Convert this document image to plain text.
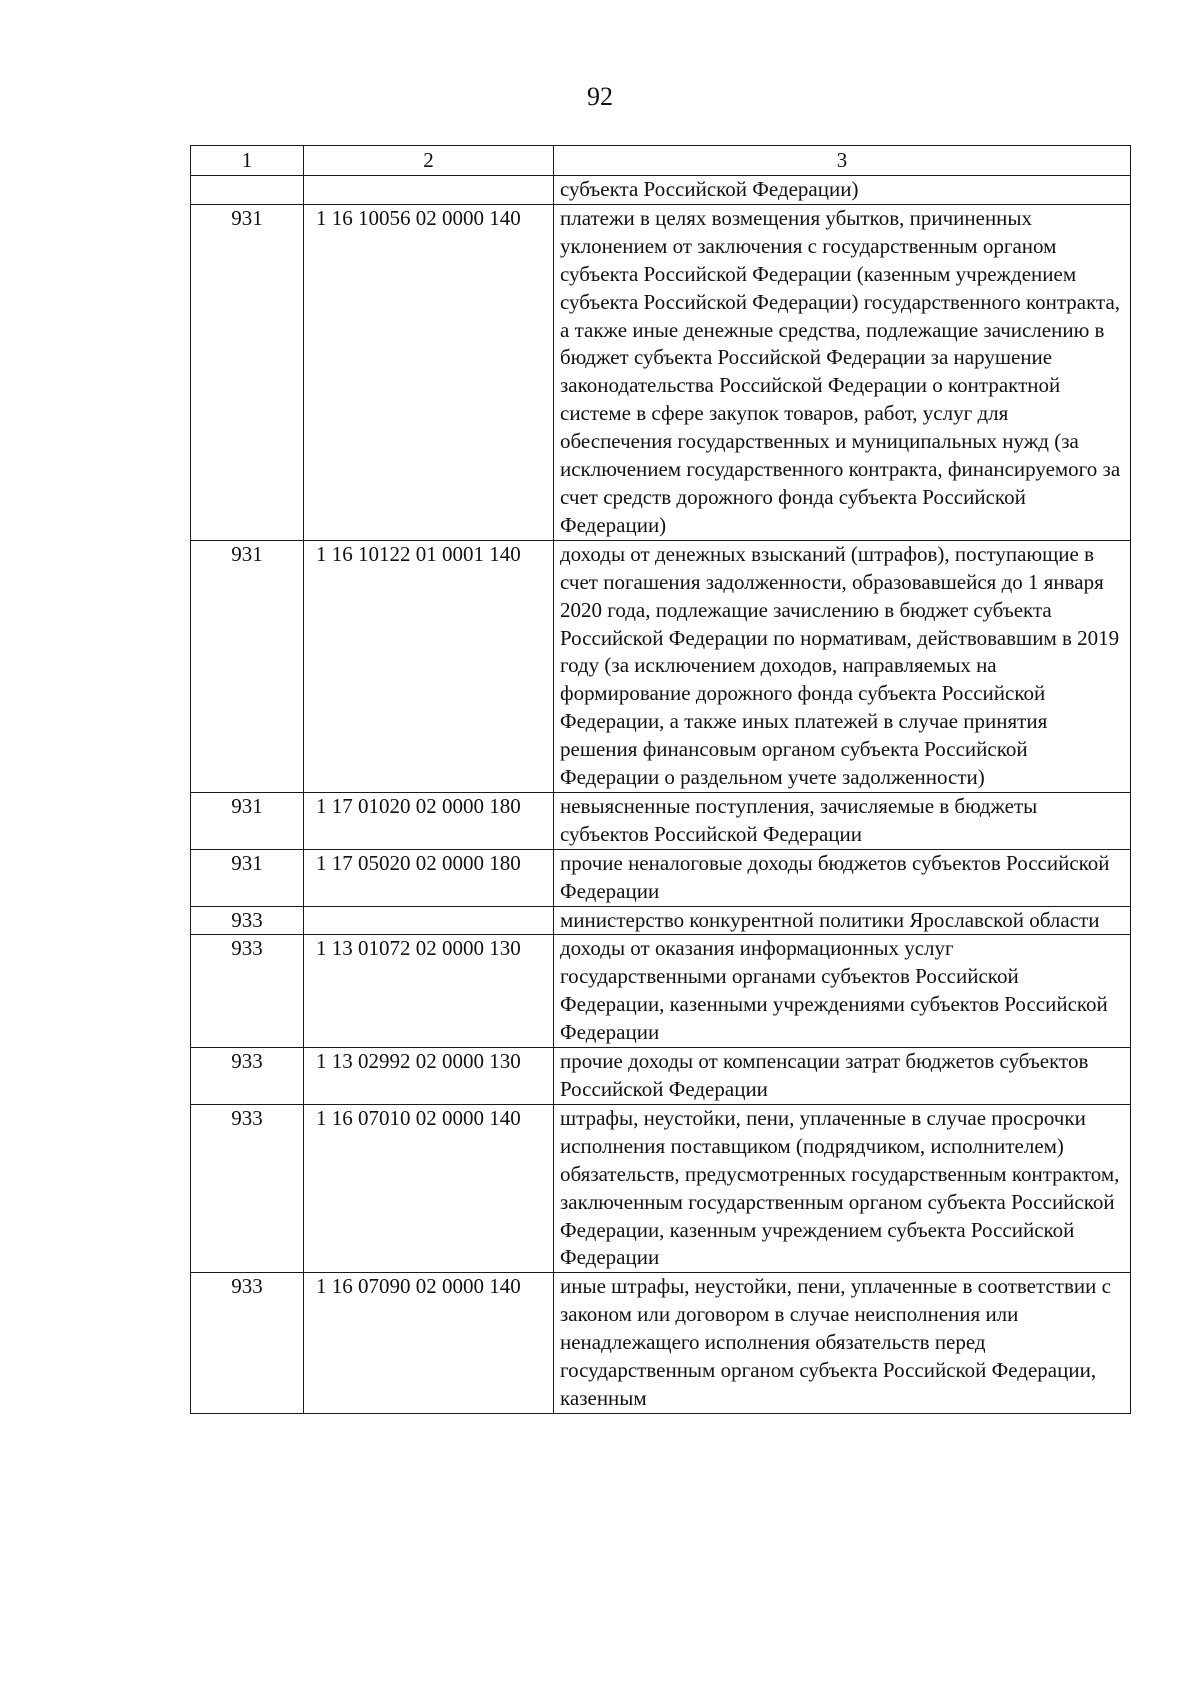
92
1	2	3
		субъекта Российской Федерации)
931	1 16 10056 02 0000 140	платежи в целях возмещения убытков, причиненных уклонением от заключения с государственным органом субъекта Российской Федерации (казенным учреждением субъекта Российской Федерации) государственного контракта, а также иные денежные средства, подлежащие зачислению в бюджет субъекта Российской Федерации за нарушение законодательства Российской Федерации о контрактной системе в сфере закупок товаров, работ, услуг для обеспечения государственных и муниципальных нужд (за исключением государственного контракта, финансируемого за счет средств дорожного фонда субъекта Российской Федерации)
931	1 16 10122 01 0001 140	доходы от денежных взысканий (штрафов), поступающие в счет погашения задолженности, образовавшейся до 1 января 2020 года, подлежащие зачислению в бюджет субъекта Российской Федерации по нормативам, действовавшим в 2019 году (за исключением доходов, направляемых на формирование дорожного фонда субъекта Российской Федерации, а также иных платежей в случае принятия решения финансовым органом субъекта Российской Федерации о раздельном учете задолженности)
931	1 17 01020 02 0000 180	невыясненные поступления, зачисляемые в бюджеты субъектов Российской Федерации
931	1 17 05020 02 0000 180	прочие неналоговые доходы бюджетов субъектов Российской Федерации
933		министерство конкурентной политики Ярославской области
933	1 13 01072 02 0000 130	доходы от оказания информационных услуг государственными органами субъектов Российской Федерации, казенными учреждениями субъектов Российской Федерации
933	1 13 02992 02 0000 130	прочие доходы от компенсации затрат бюджетов субъектов Российской Федерации
933	1 16 07010 02 0000 140	штрафы, неустойки, пени, уплаченные в случае просрочки исполнения поставщиком (подрядчиком, исполнителем) обязательств, предусмотренных государственным контрактом, заключенным государственным органом субъекта Российской Федерации, казенным учреждением субъекта Российской Федерации
933	1 16 07090 02 0000 140	иные штрафы, неустойки, пени, уплаченные в соответствии с законом или договором в случае неисполнения или ненадлежащего исполнения обязательств перед государственным органом субъекта Российской Федерации, казенным
